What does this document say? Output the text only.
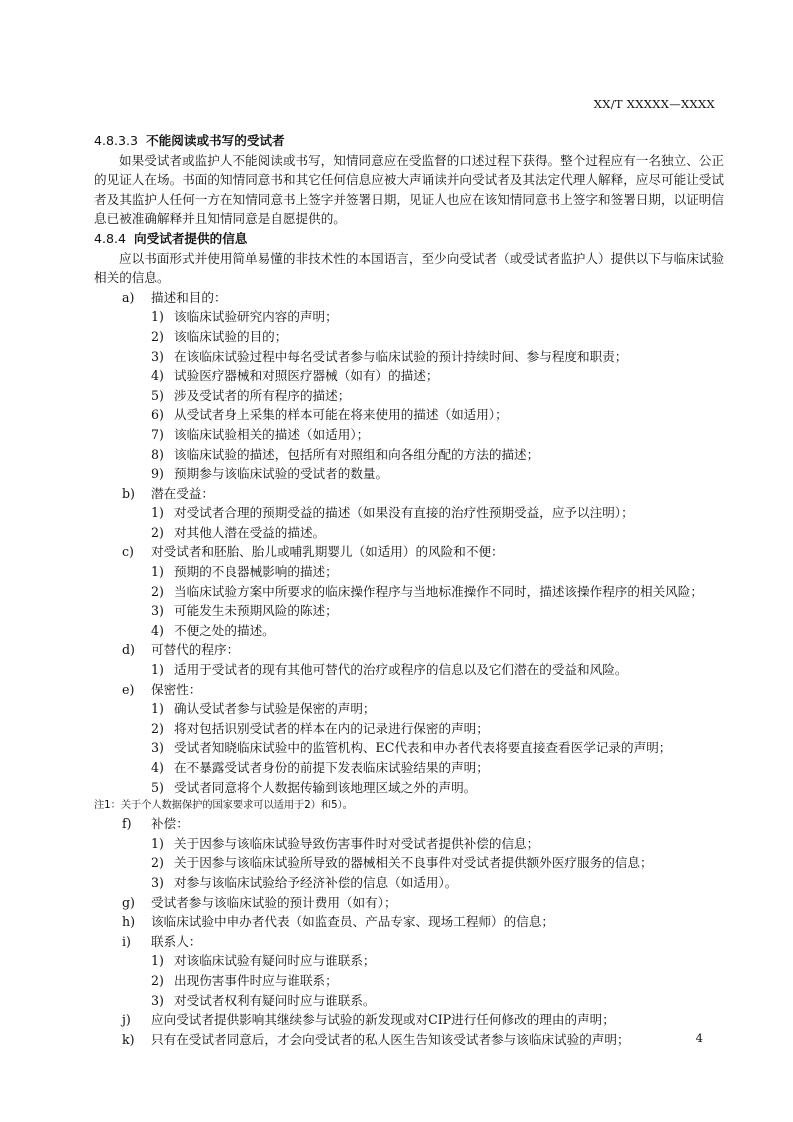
XX/T XXXXX—XXXX

4.8.3.3 不能阅读或书写的受试者

如果受试者或监护人不能阅读或书写，知情同意应在受监督的口述过程下获得。整个过程应有一名独立、公正的见证人在场。书面的知情同意书和其它任何信息应被大声诵读并向受试者及其法定代理人解释，应尽可能让受试者及其监护人任何一方在知情同意书上签字并签署日期，见证人也应在该知情同意书上签字和签署日期，以证明信息已被准确解释并且知情同意是自愿提供的。

4.8.4 向受试者提供的信息

应以书面形式并使用简单易懂的非技术性的本国语言，至少向受试者（或受试者监护人）提供以下与临床试验相关的信息。

a) 描述和目的：

1) 该临床试验研究内容的声明；

2) 该临床试验的目的；

3) 在该临床试验过程中每名受试者参与临床试验的预计持续时间、参与程度和职责；

4) 试验医疗器械和对照医疗器械（如有）的描述；

5) 涉及受试者的所有程序的描述；

6) 从受试者身上采集的样本可能在将来使用的描述（如适用）；

7) 该临床试验相关的描述（如适用）；

8) 该临床试验的描述，包括所有对照组和向各组分配的方法的描述；

9) 预期参与该临床试验的受试者的数量。

b) 潜在受益：

1) 对受试者合理的预期受益的描述（如果没有直接的治疗性预期受益，应予以注明）；

2) 对其他人潜在受益的描述。

c) 对受试者和胚胎、胎儿或哺乳期婴儿（如适用）的风险和不便：

1) 预期的不良器械影响的描述；

2) 当临床试验方案中所要求的临床操作程序与当地标准操作不同时，描述该操作程序的相关风险；

3) 可能发生未预期风险的陈述；

4) 不便之处的描述。

d) 可替代的程序：

1) 适用于受试者的现有其他可替代的治疗或程序的信息以及它们潜在的受益和风险。

e) 保密性：

1) 确认受试者参与试验是保密的声明；

2) 将对包括识别受试者的样本在内的记录进行保密的声明；

3) 受试者知晓临床试验中的监管机构、EC代表和申办者代表将要直接查看医学记录的声明；

4) 在不暴露受试者身份的前提下发表临床试验结果的声明；

5) 受试者同意将个人数据传输到该地理区域之外的声明。

注1：关于个人数据保护的国家要求可以适用于2）和5）。

f) 补偿：

1) 关于因参与该临床试验导致伤害事件时对受试者提供补偿的信息；

2) 关于因参与该临床试验所导致的器械相关不良事件对受试者提供额外医疗服务的信息；

3) 对参与该临床试验给予经济补偿的信息（如适用）。

g) 受试者参与该临床试验的预计费用（如有）；

h) 该临床试验中申办者代表（如监查员、产品专家、现场工程师）的信息；

i) 联系人：

1) 对该临床试验有疑问时应与谁联系；

2) 出现伤害事件时应与谁联系；

3) 对受试者权利有疑问时应与谁联系。

j) 应向受试者提供影响其继续参与试验的新发现或对CIP进行任何修改的理由的声明；

k) 只有在受试者同意后，才会向受试者的私人医生告知该受试者参与该临床试验的声明；	4
